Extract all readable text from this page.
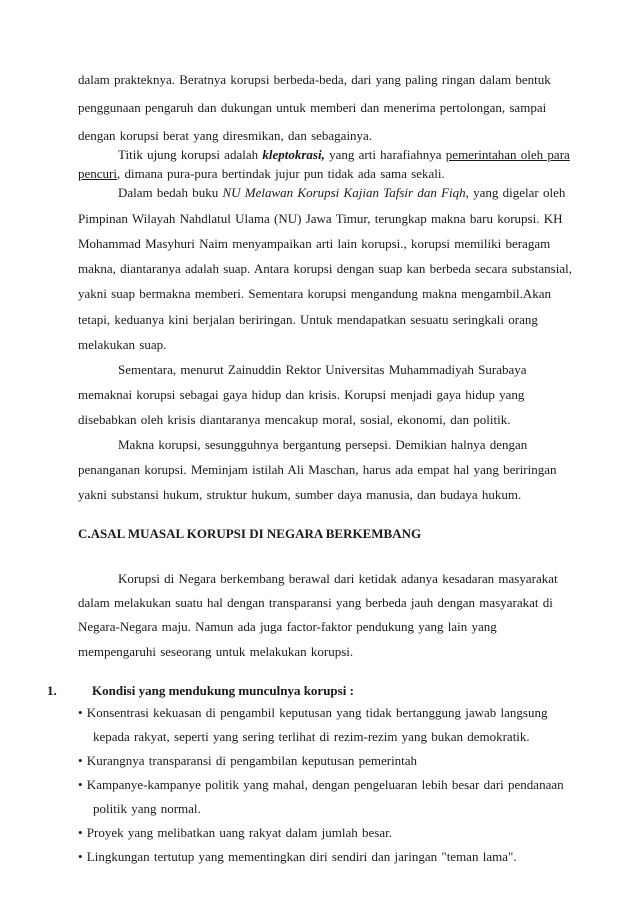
dalam prakteknya. Beratnya korupsi berbeda-beda, dari yang paling ringan dalam bentuk
penggunaan pengaruh dan dukungan untuk memberi dan menerima pertolongan, sampai
dengan korupsi berat yang diresmikan, dan sebagainya.
Titik ujung korupsi adalah kleptokrasi, yang arti harafiahnya pemerintahan oleh para
pencuri, dimana pura-pura bertindak jujur pun tidak ada sama sekali.
Dalam bedah buku NU Melawan Korupsi Kajian Tafsir dan Fiqh, yang digelar oleh
Pimpinan Wilayah Nahdlatul Ulama (NU) Jawa Timur, terungkap makna baru korupsi. KH
Mohammad Masyhuri Naim menyampaikan arti lain korupsi., korupsi memiliki beragam
makna, diantaranya adalah suap. Antara korupsi dengan suap kan berbeda secara substansial,
yakni suap bermakna memberi. Sementara korupsi mengandung makna mengambil.Akan
tetapi, keduanya kini berjalan beriringan. Untuk mendapatkan sesuatu seringkali orang
melakukan suap.
Sementara, menurut Zainuddin Rektor Universitas Muhammadiyah Surabaya
memaknai korupsi sebagai gaya hidup dan krisis. Korupsi menjadi gaya hidup yang
disebabkan oleh krisis diantaranya mencakup moral, sosial, ekonomi, dan politik.
Makna korupsi, sesungguhnya bergantung persepsi. Demikian halnya dengan
penanganan korupsi. Meminjam istilah Ali Maschan, harus ada empat hal yang beriringan
yakni substansi hukum, struktur hukum, sumber daya manusia, dan budaya hukum.
C.ASAL MUASAL KORUPSI DI NEGARA BERKEMBANG
Korupsi di Negara berkembang berawal dari ketidak adanya kesadaran masyarakat
dalam melakukan suatu hal dengan transparansi yang berbeda jauh dengan masyarakat di
Negara-Negara maju. Namun ada juga factor-faktor pendukung yang lain yang
mempengaruhi seseorang untuk melakukan korupsi.
1.	Kondisi yang mendukung munculnya korupsi :
• Konsentrasi kekuasan di pengambil keputusan yang tidak bertanggung jawab langsung
kepada rakyat, seperti yang sering terlihat di rezim-rezim yang bukan demokratik.
• Kurangnya transparansi di pengambilan keputusan pemerintah
• Kampanye-kampanye politik yang mahal, dengan pengeluaran lebih besar dari pendanaan
politik yang normal.
• Proyek yang melibatkan uang rakyat dalam jumlah besar.
• Lingkungan tertutup yang mementingkan diri sendiri dan jaringan "teman lama".
